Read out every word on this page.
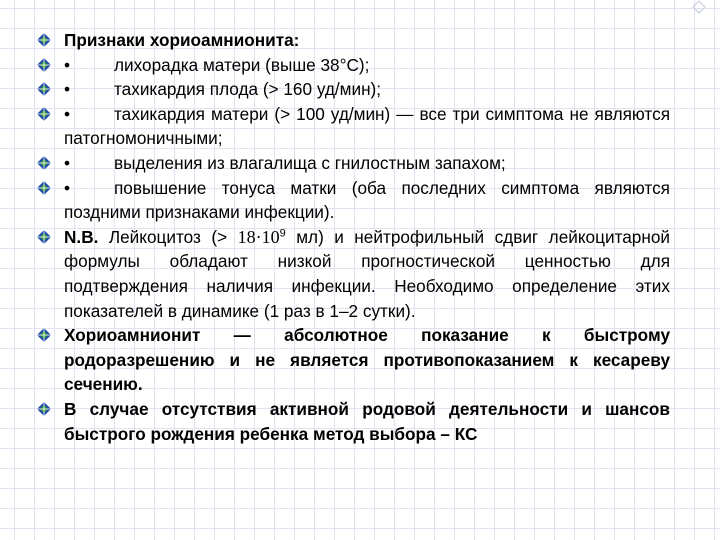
Признаки хориоамнионита:
•	лихорадка матери (выше 38°С);
•	тахикардия плода (> 160 уд/мин);
•	тахикардия матери (> 100 уд/мин) — все три симптома не являются патогномоничными;
•	выделения из влагалища с гнилостным запахом;
•	повышение тонуса матки (оба последних симптома являются поздними признаками инфекции).
N.B. Лейкоцитоз (> $18\cdot 10^9$ мл) и нейтрофильный сдвиг лейкоцитарной формулы обладают низкой прогностической ценностью для подтверждения наличия инфекции. Необходимо определение этих показателей в динамике (1 раз в 1–2 сутки).
Хориоамнионит — абсолютное показание к быстрому родоразрешению и не является противопоказанием к кесареву сечению.
В случае отсутствия активной родовой деятельности и шансов быстрого рождения ребенка метод выбора – КС
